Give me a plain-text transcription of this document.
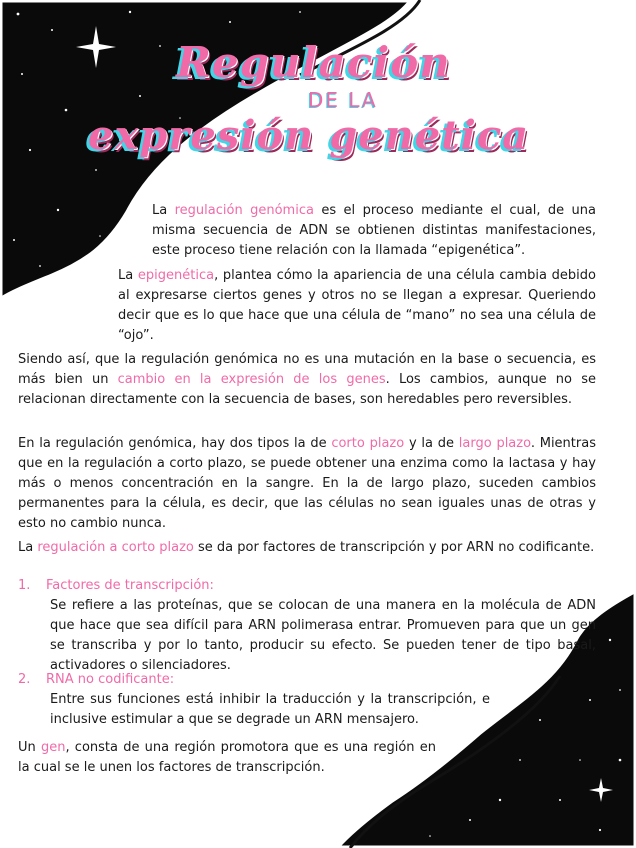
Regulación
DE LA
expresión genética

La regulación genómica es el proceso mediante el cual, de una misma secuencia de ADN se obtienen distintas manifestaciones, este proceso tiene relación con la llamada “epigenética”.

La epigenética, plantea cómo la apariencia de una célula cambia debido al expresarse ciertos genes y otros no se llegan a expresar. Queriendo decir que es lo que hace que una célula de “mano” no sea una célula de “ojo”.

Siendo así, que la regulación genómica no es una mutación en la base o secuencia, es más bien un cambio en la expresión de los genes. Los cambios, aunque no se relacionan directamente con la secuencia de bases, son heredables pero reversibles.

En la regulación genómica, hay dos tipos la de corto plazo y la de largo plazo. Mientras que en la regulación a corto plazo, se puede obtener una enzima como la lactasa y hay más o menos concentración en la sangre. En la de largo plazo, suceden cambios permanentes para la célula, es decir, que las células no sean iguales unas de otras y esto no cambio nunca.

La regulación a corto plazo se da por factores de transcripción y por ARN no codificante.

1. Factores de transcripción:

Se refiere a las proteínas, que se colocan de una manera en la molécula de ADN que hace que sea difícil para ARN polimerasa entrar. Promueven para que un gen se transcriba y por lo tanto, producir su efecto. Se pueden tener de tipo basal, activadores o silenciadores.

2. RNA no codificante:

Entre sus funciones está inhibir la traducción y la transcripción, e inclusive estimular a que se degrade un ARN mensajero.

Un gen, consta de una región promotora que es una región en la cual se le unen los factores de transcripción.
